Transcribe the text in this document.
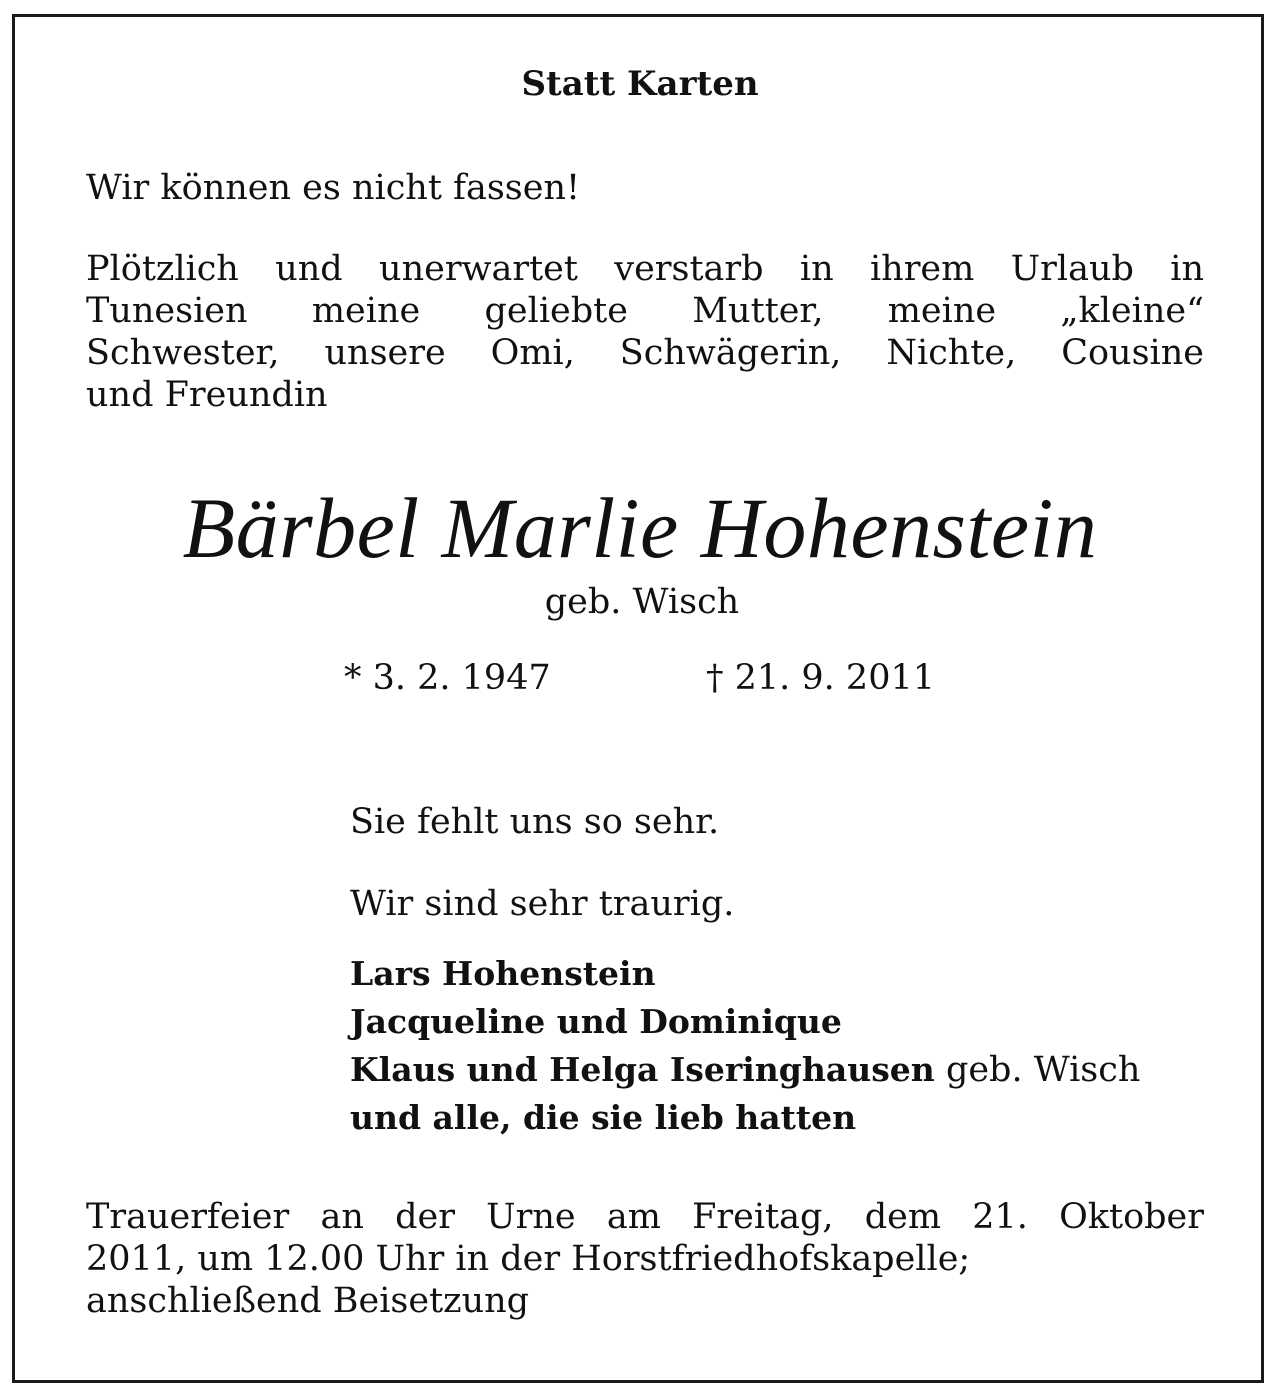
Statt Karten
Wir können es nicht fassen!
Plötzlich und unerwartet verstarb in ihrem Urlaub in
Tunesien meine geliebte Mutter, meine „kleine“
Schwester, unsere Omi, Schwägerin, Nichte, Cousine
und Freundin
Bärbel Marlie Hohenstein
geb. Wisch
* 3. 2. 1947	† 21. 9. 2011
Sie fehlt uns so sehr.
Wir sind sehr traurig.
Lars Hohenstein
Jacqueline und Dominique
Klaus und Helga Iseringhausen geb. Wisch
und alle, die sie lieb hatten
Trauerfeier an der Urne am Freitag, dem 21. Oktober
2011, um 12.00 Uhr in der Horstfriedhofskapelle;
anschließend Beisetzung
